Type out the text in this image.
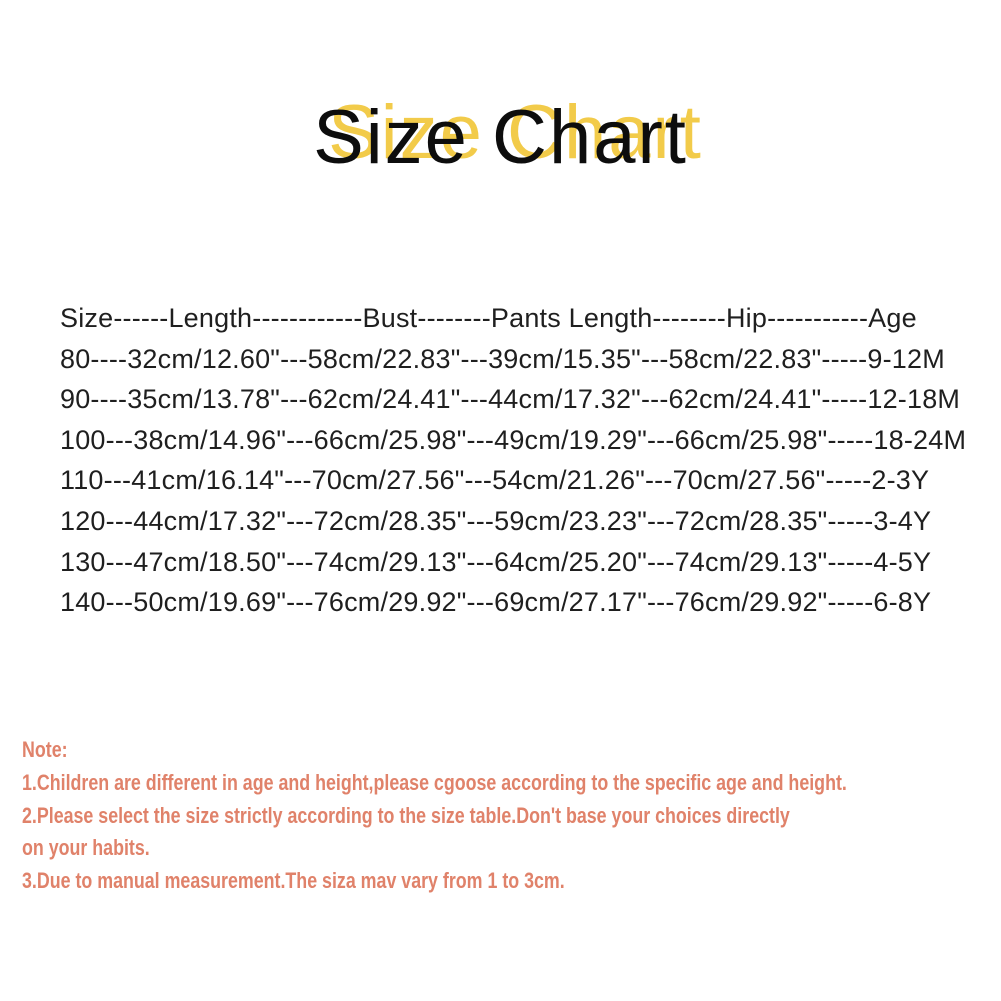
Size Chart
Size------Length------------Bust--------Pants Length--------Hip-----------Age
80----32cm/12.60"---58cm/22.83"---39cm/15.35"---58cm/22.83"-----9-12M
90----35cm/13.78"---62cm/24.41"---44cm/17.32"---62cm/24.41"-----12-18M
100---38cm/14.96"---66cm/25.98"---49cm/19.29"---66cm/25.98"-----18-24M
110---41cm/16.14"---70cm/27.56"---54cm/21.26"---70cm/27.56"-----2-3Y
120---44cm/17.32"---72cm/28.35"---59cm/23.23"---72cm/28.35"-----3-4Y
130---47cm/18.50"---74cm/29.13"---64cm/25.20"---74cm/29.13"-----4-5Y
140---50cm/19.69"---76cm/29.92"---69cm/27.17"---76cm/29.92"-----6-8Y
Note:
1.Children are different in age and height,please cgoose according to the specific age and height.
2.Please select the size strictly according to the size table.Don't base your choices directly
on your habits.
3.Due to manual measurement.The siza mav vary from 1 to 3cm.
